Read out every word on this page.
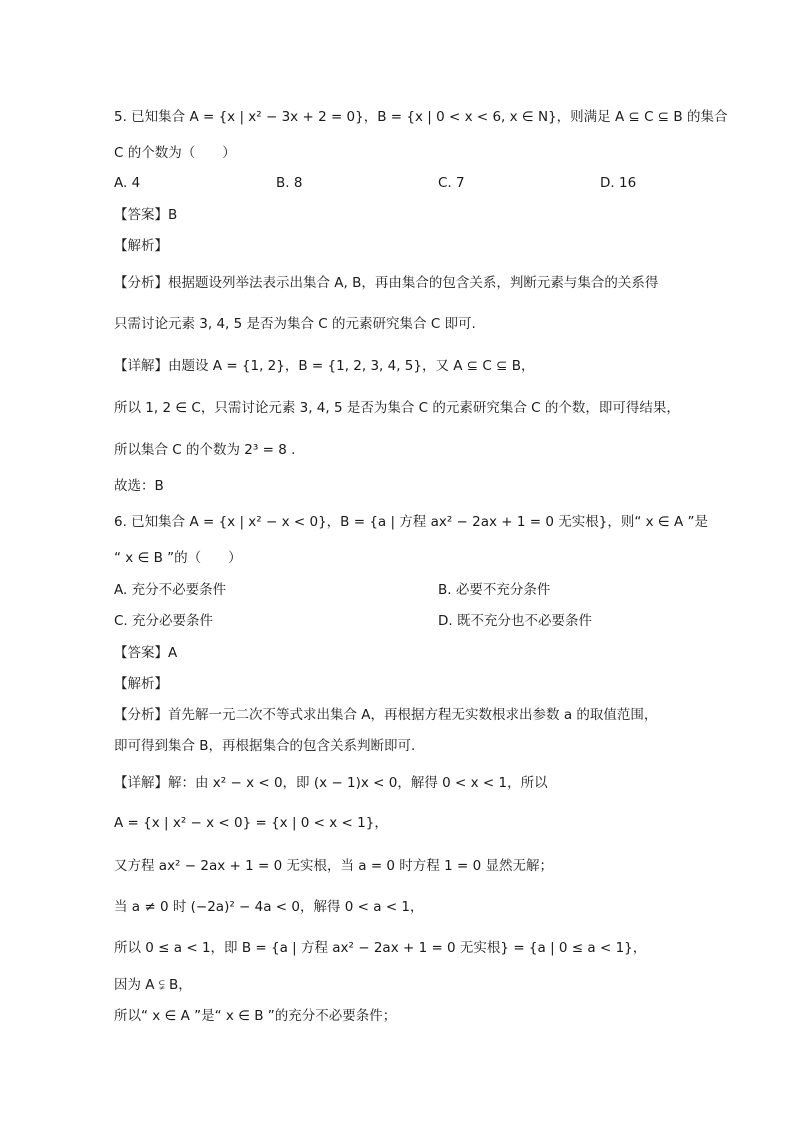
5. 已知集合 A = {x | x² − 3x + 2 = 0}，B = {x | 0 < x < 6, x ∈ N}，则满足 A ⊆ C ⊆ B 的集合
C 的个数为（　　）
A. 4	B. 8	C. 7	D. 16
【答案】B
【解析】
【分析】根据题设列举法表示出集合 A, B，再由集合的包含关系，判断元素与集合的关系得
只需讨论元素 3, 4, 5 是否为集合 C 的元素研究集合 C 即可.
【详解】由题设 A = {1, 2}，B = {1, 2, 3, 4, 5}，又 A ⊆ C ⊆ B，
所以 1, 2 ∈ C，只需讨论元素 3, 4, 5 是否为集合 C 的元素研究集合 C 的个数，即可得结果，
所以集合 C 的个数为 2³ = 8 .
故选：B
6. 已知集合 A = {x | x² − x < 0}，B = {a | 方程 ax² − 2ax + 1 = 0 无实根}，则“ x ∈ A ”是
“ x ∈ B ”的（　　）
A. 充分不必要条件	B. 必要不充分条件
C. 充分必要条件	D. 既不充分也不必要条件
【答案】A
【解析】
【分析】首先解一元二次不等式求出集合 A，再根据方程无实数根求出参数 a 的取值范围，
即可得到集合 B，再根据集合的包含关系判断即可.
【详解】解：由 x² − x < 0，即 (x − 1)x < 0，解得 0 < x < 1，所以
A = {x | x² − x < 0} = {x | 0 < x < 1}，
又方程 ax² − 2ax + 1 = 0 无实根，当 a = 0 时方程 1 = 0 显然无解；
当 a ≠ 0 时 (−2a)² − 4a < 0，解得 0 < a < 1，
所以 0 ≤ a < 1，即 B = {a | 方程 ax² − 2ax + 1 = 0 无实根} = {a | 0 ≤ a < 1}，
因为 A ⫋ B，
所以“ x ∈ A ”是“ x ∈ B ”的充分不必要条件；
